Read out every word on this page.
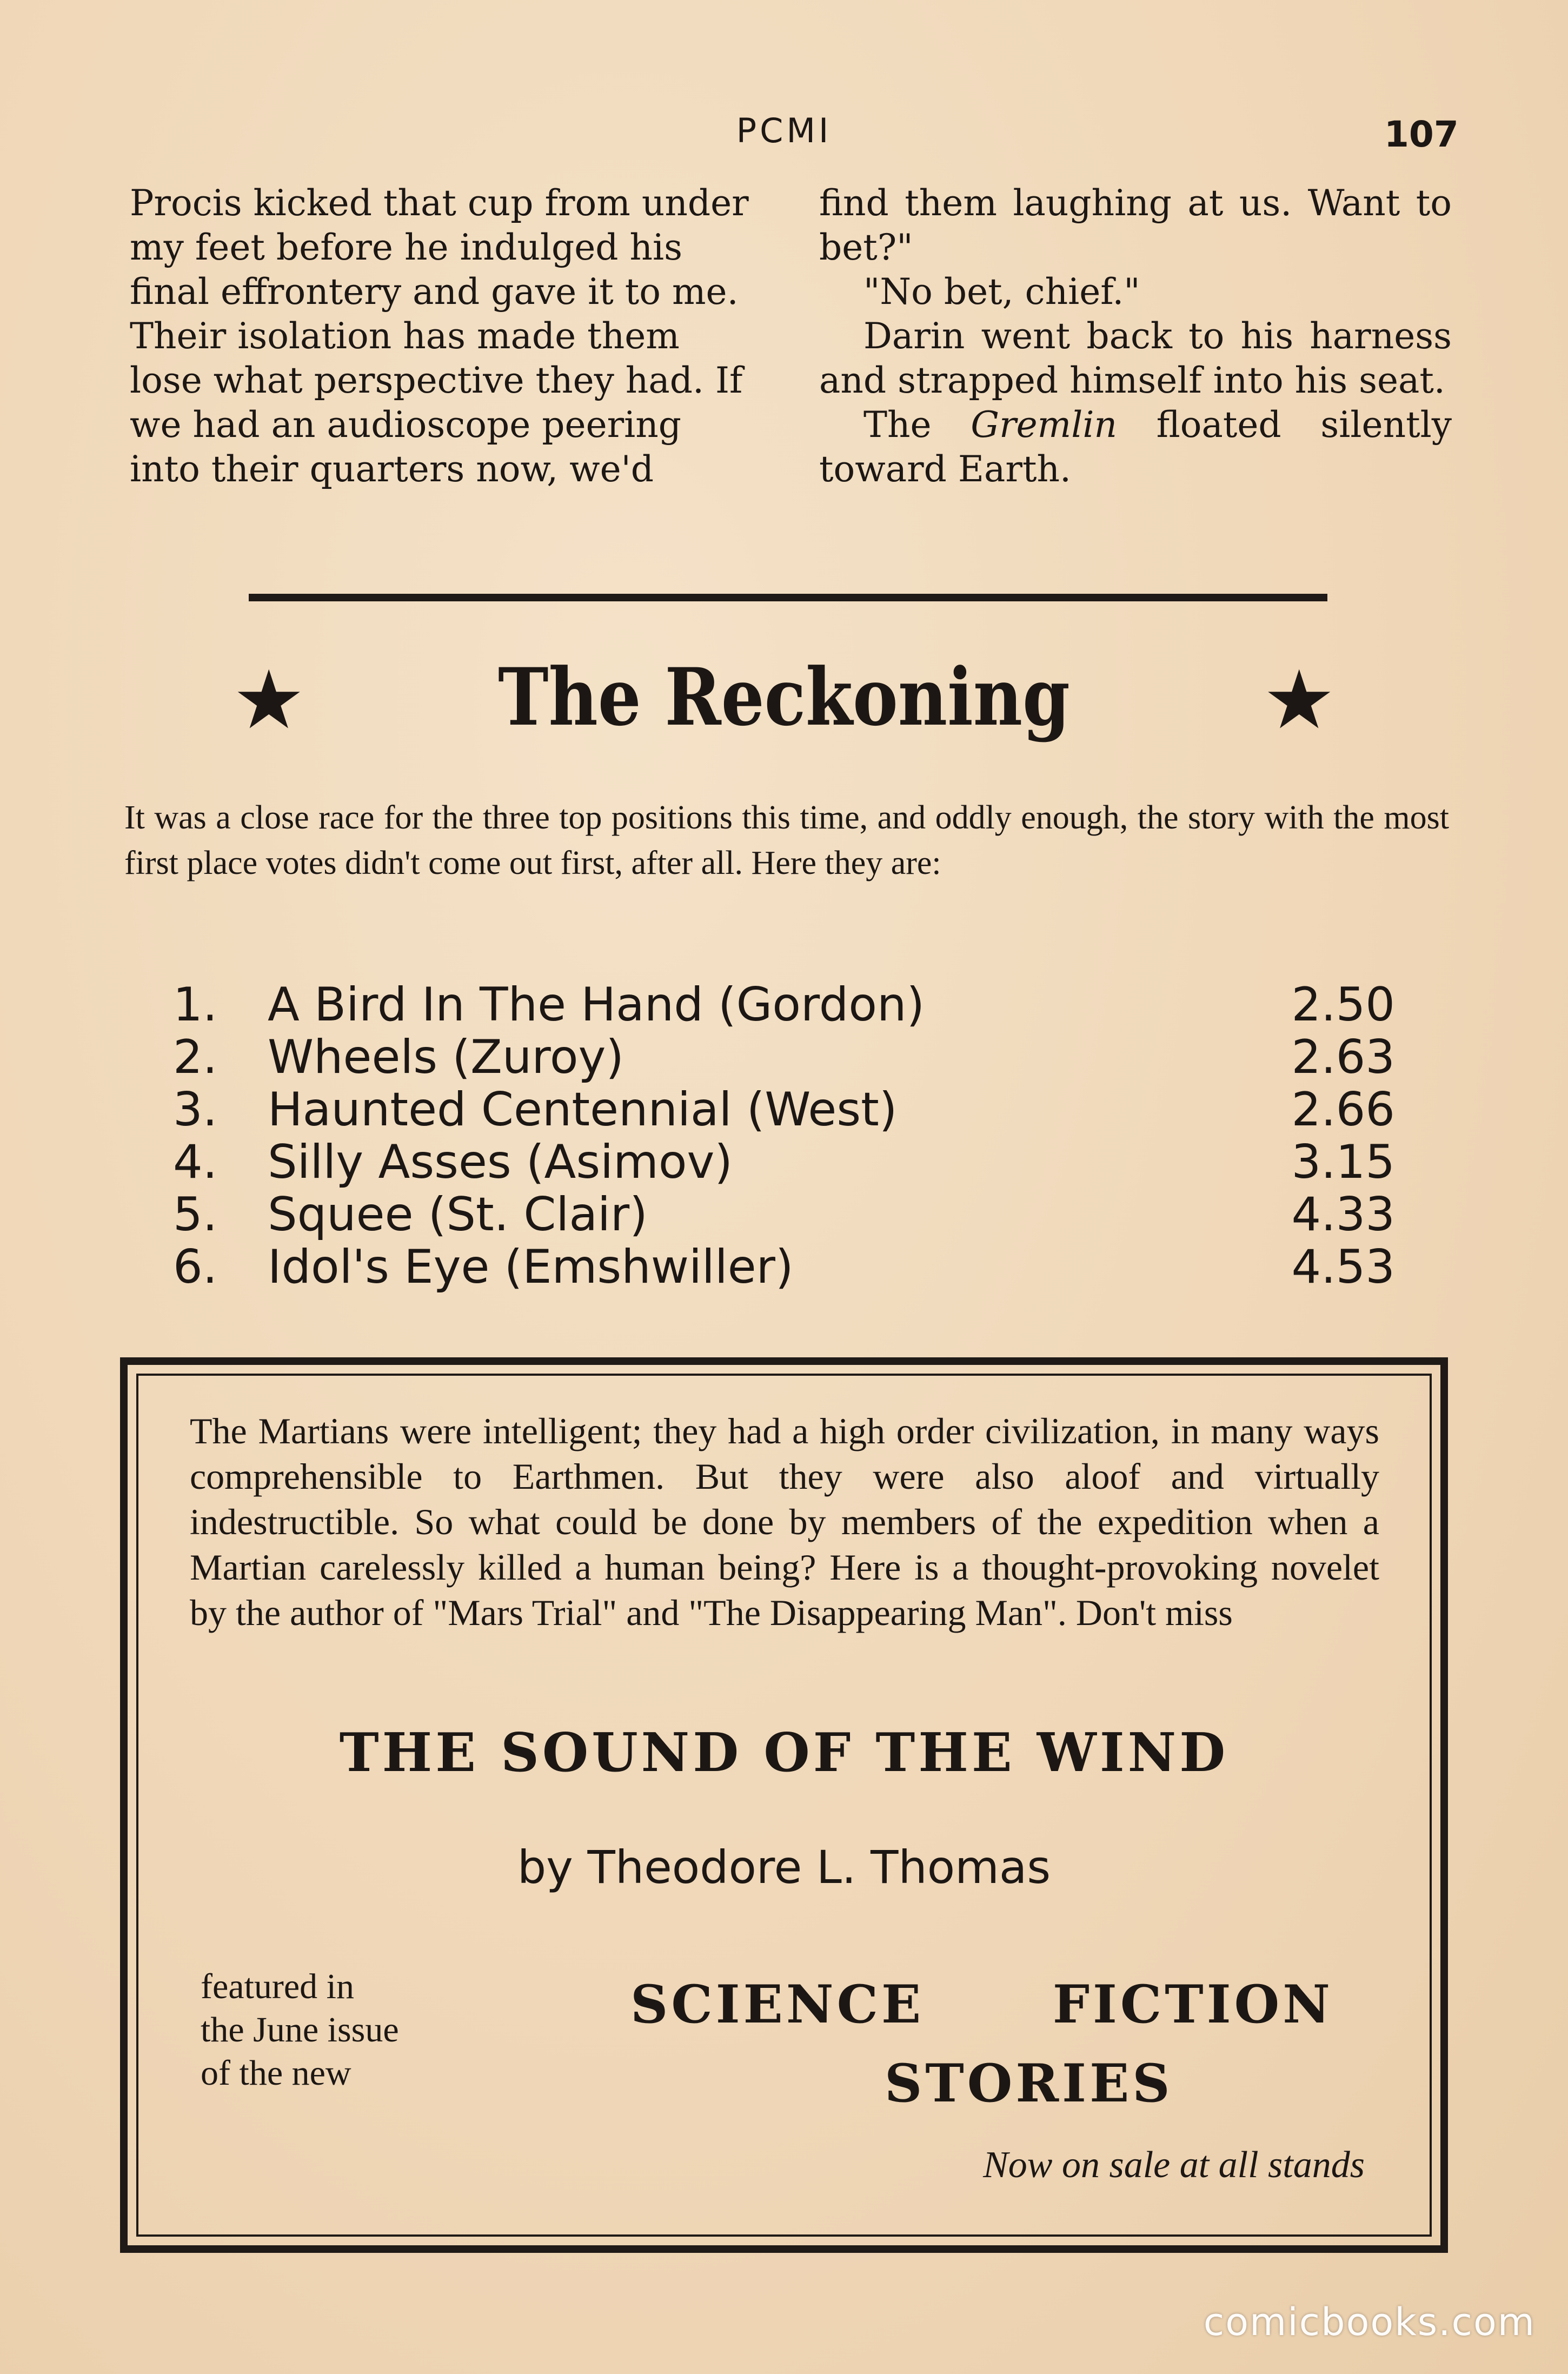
PCMI	107

Procis kicked that cup from under my feet before he indulged his final effrontery and gave it to me. Their isolation has made them lose what perspective they had. If we had an audioscope peering into their quarters now, we'd

find them laughing at us. Want to bet?"

"No bet, chief."

Darin went back to his harness and strapped himself into his seat.

The Gremlin floated silently toward Earth.

★	The Reckoning	★
It was a close race for the three top positions this time, and oddly enough, the story with the most first place votes didn't come out first, after all. Here they are:
1.	A Bird In The Hand (Gordon)	2.50
2.	Wheels (Zuroy)	2.63
3.	Haunted Centennial (West)	2.66
4.	Silly Asses (Asimov)	3.15
5.	Squee (St. Clair)	4.33
6.	Idol's Eye (Emshwiller)	4.53
The Martians were intelligent; they had a high order civilization, in many ways comprehensible to Earthmen. But they were also aloof and virtually indestructible. So what could be done by members of the expedition when a Martian carelessly killed a human being? Here is a thought-provoking novelet by the author of "Mars Trial" and "The Disappearing Man". Don't miss
THE SOUND OF THE WIND
by Theodore L. Thomas
featured in
the June issue
of the new
SCIENCE FICTION
STORIES
Now on sale at all stands
comicbooks.com
